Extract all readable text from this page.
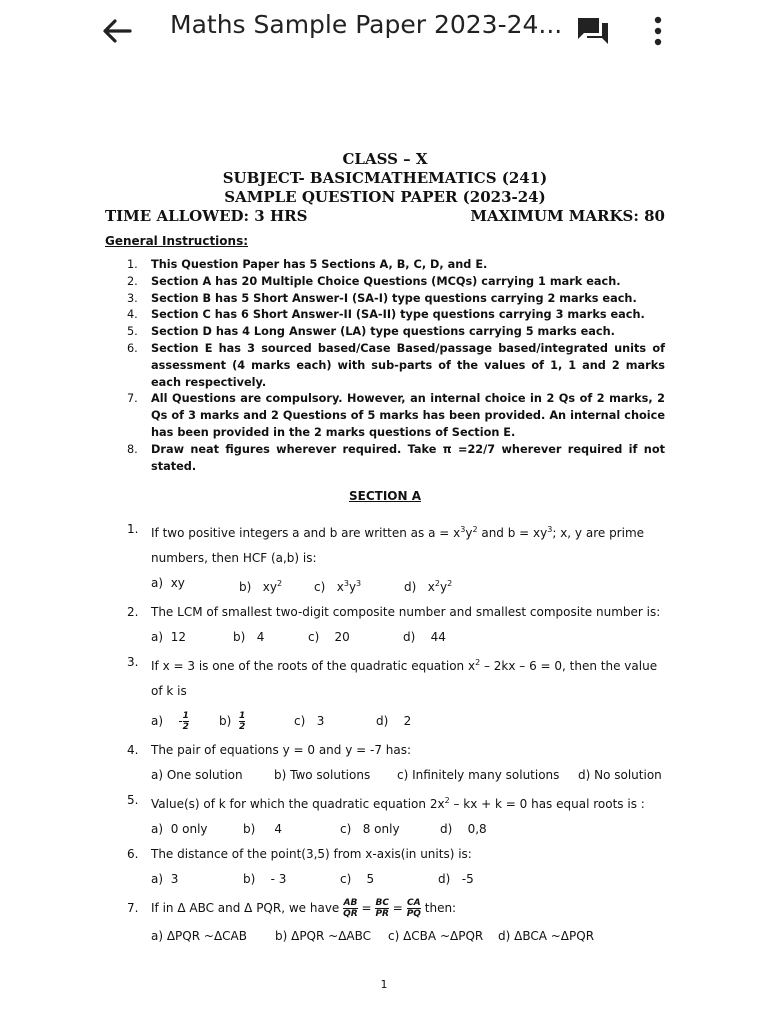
Maths Sample Paper 2023-24...
CLASS – X
SUBJECT- BASICMATHEMATICS (241)
SAMPLE QUESTION PAPER (2023-24)
TIME ALLOWED: 3 HRS	MAXIMUM MARKS: 80
General Instructions:
1. This Question Paper has 5 Sections A, B, C, D, and E.
2. Section A has 20 Multiple Choice Questions (MCQs) carrying 1 mark each.
3. Section B has 5 Short Answer-I (SA-I) type questions carrying 2 marks each.
4. Section C has 6 Short Answer-II (SA-II) type questions carrying 3 marks each.
5. Section D has 4 Long Answer (LA) type questions carrying 5 marks each.
6. Section E has 3 sourced based/Case Based/passage based/integrated units of assessment (4 marks each) with sub-parts of the values of 1, 1 and 2 marks each respectively.
7. All Questions are compulsory. However, an internal choice in 2 Qs of 2 marks, 2 Qs of 3 marks and 2 Questions of 5 marks has been provided. An internal choice has been provided in the 2 marks questions of Section E.
8. Draw neat figures wherever required. Take π =22/7 wherever required if not stated.
SECTION A
1. If two positive integers a and b are written as $a = x^3y^2$ and $b = xy^3$; x, y are prime numbers, then HCF (a,b) is:
a) xy	b) $xy^2$	c) $x^3y^3$	d) $x^2y^2$
2. The LCM of smallest two-digit composite number and smallest composite number is:
a) 12	b) 4	c) 20	d) 44
3. If x = 3 is one of the roots of the quadratic equation $x^2 - 2kx - 6 = 0$, then the value of k is
$a) - \frac{1}{2}$	$b) \frac{1}{2}$	c) 3	d) 2
4. The pair of equations y = 0 and y = -7 has:
a) One solution	b) Two solutions	c) Infinitely many solutions	d) No solution
5. Value(s) of k for which the quadratic equation $2x^2$ – kx + k = 0 has equal roots is :
a) 0 only	b) 4	c) 8 only	d) 0,8
6. The distance of the point(3,5) from x-axis(in units) is:
a) 3	b) - 3	c) 5	d) -5
7. If in Δ ABC and Δ PQR, we have $\frac{AB}{QR} = \frac{BC}{PR} = \frac{CA}{PQ}$ then:
a) ΔPQR ~ΔCAB	b) ΔPQR ~ΔABC	c) ΔCBA ~ΔPQR	d) ΔBCA ~ΔPQR
1
